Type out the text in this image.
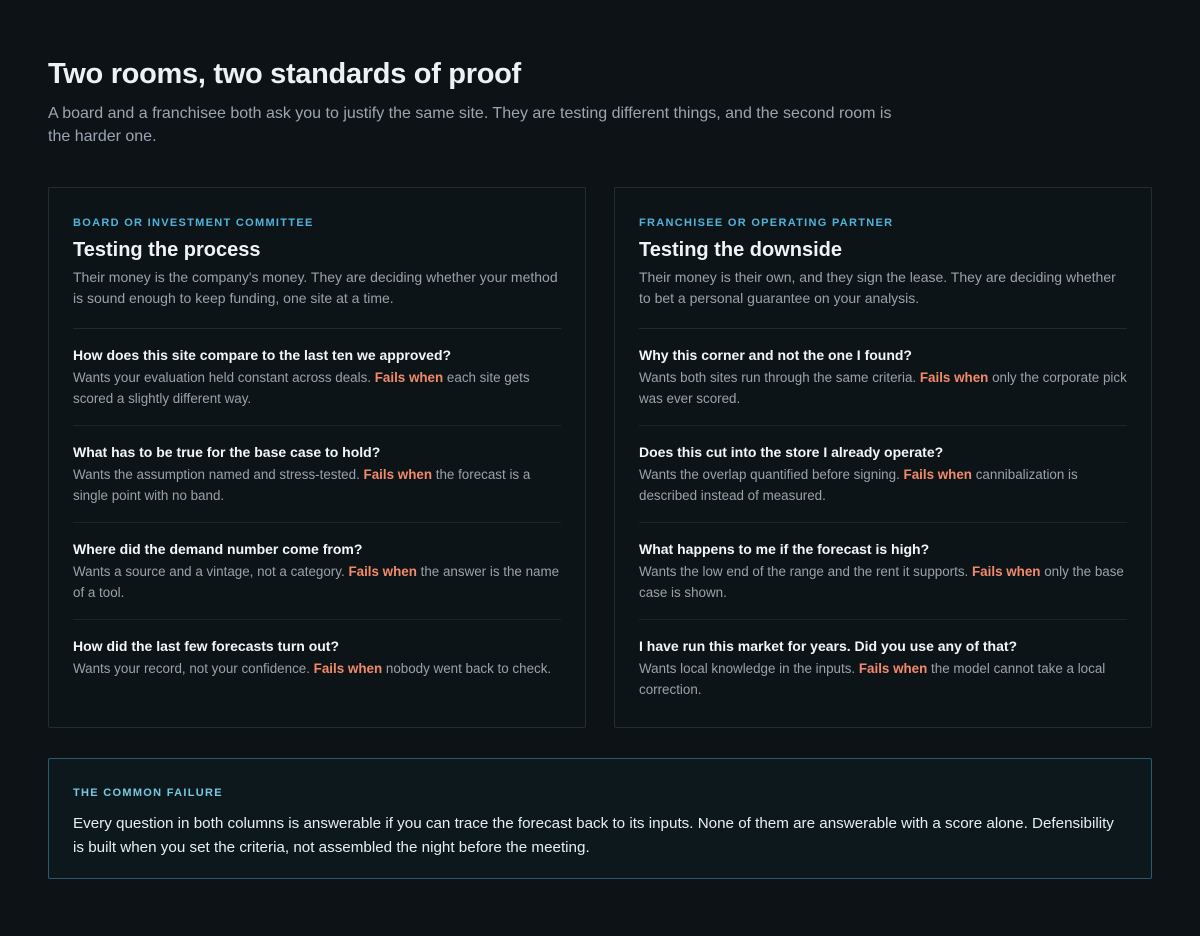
Two rooms, two standards of proof

A board and a franchisee both ask you to justify the same site. They are testing different things, and the second room is the harder one.

BOARD OR INVESTMENT COMMITTEE
Testing the process

Their money is the company's money. They are deciding whether your method is sound enough to keep funding, one site at a time.

How does this site compare to the last ten we approved?
Wants your evaluation held constant across deals. Fails when each site gets scored a slightly different way.
What has to be true for the base case to hold?
Wants the assumption named and stress-tested. Fails when the forecast is a single point with no band.
Where did the demand number come from?
Wants a source and a vintage, not a category. Fails when the answer is the name of a tool.
How did the last few forecasts turn out?
Wants your record, not your confidence. Fails when nobody went back to check.
FRANCHISEE OR OPERATING PARTNER
Testing the downside

Their money is their own, and they sign the lease. They are deciding whether to bet a personal guarantee on your analysis.

Why this corner and not the one I found?
Wants both sites run through the same criteria. Fails when only the corporate pick was ever scored.
Does this cut into the store I already operate?
Wants the overlap quantified before signing. Fails when cannibalization is described instead of measured.
What happens to me if the forecast is high?
Wants the low end of the range and the rent it supports. Fails when only the base case is shown.
I have run this market for years. Did you use any of that?
Wants local knowledge in the inputs. Fails when the model cannot take a local correction.
THE COMMON FAILURE

Every question in both columns is answerable if you can trace the forecast back to its inputs. None of them are answerable with a score alone. Defensibility is built when you set the criteria, not assembled the night before the meeting.
